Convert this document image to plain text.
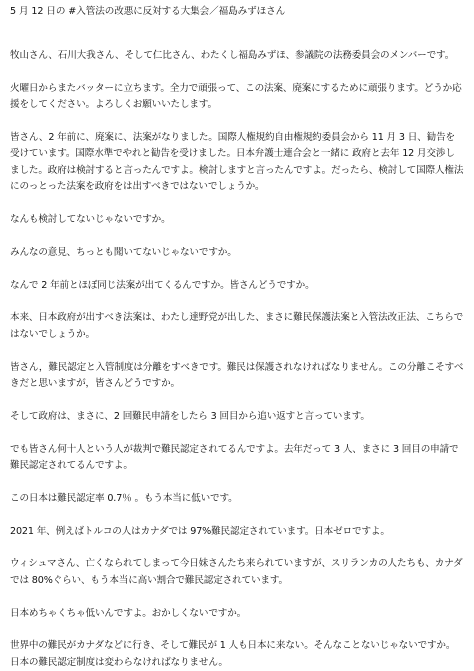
5 月 12 日の #入管法の改悪に反対する大集会／福島みずほさん

牧山さん、石川大我さん、そして仁比さん、わたくし福島みずほ、参議院の法務委員会のメンバーです。

火曜日からまたバッターに立ちます。全力で頑張って、この法案、廃案にするために頑張ります。どうか応援をしてください。よろしくお願いいたします。

皆さん、2 年前に、廃案に、法案がなりました。国際人権規約自由権規約委員会から 11 月 3 日、勧告を受けています。国際水準でやれと勧告を受けました。日本弁護士連合会と一緒に 政府と去年 12 月交渉しました。政府は検討すると言ったんですよ。検討しますと言ったんですよ。だったら、検討して国際人権法にのっとった法案を政府をは出すべきではないでしょうか。

なんも検討してないじゃないですか。

みんなの意見、ちっとも聞いてないじゃないですか。

なんで 2 年前とほぼ同じ法案が出てくるんですか。皆さんどうですか。

本来、日本政府が出すべき法案は、わたし達野党が出した、まさに難民保護法案と入管法改正法、こちらではないでしょうか。

皆さん，難民認定と入管制度は分離をすべきです。難民は保護されなければなりません。この分離こそすべきだと思いますが，皆さんどうですか。

そして政府は、まさに、2 回難民申請をしたら 3 回目から追い返すと言っています。

でも皆さん何十人という人が裁判で難民認定されてるんですよ。去年だって 3 人、まさに 3 回目の申請で難民認定されてるんですよ。

この日本は難民認定率 0.7％ 。もう本当に低いです。

2021 年、例えばトルコの人はカナダでは 97%難民認定されています。日本ゼロですよ。

ウィシュマさん、亡くなられてしまって今日妹さんたち来られていますが、スリランカの人たちも、カナダでは 80%ぐらい、もう本当に高い割合で難民認定されています。

日本めちゃくちゃ低いんですよ。おかしくないですか。

世界中の難民がカナダなどに行き、そして難民が 1 人も日本に来ない。そんなことないじゃないですか。日本の難民認定制度は変わらなければなりません。
